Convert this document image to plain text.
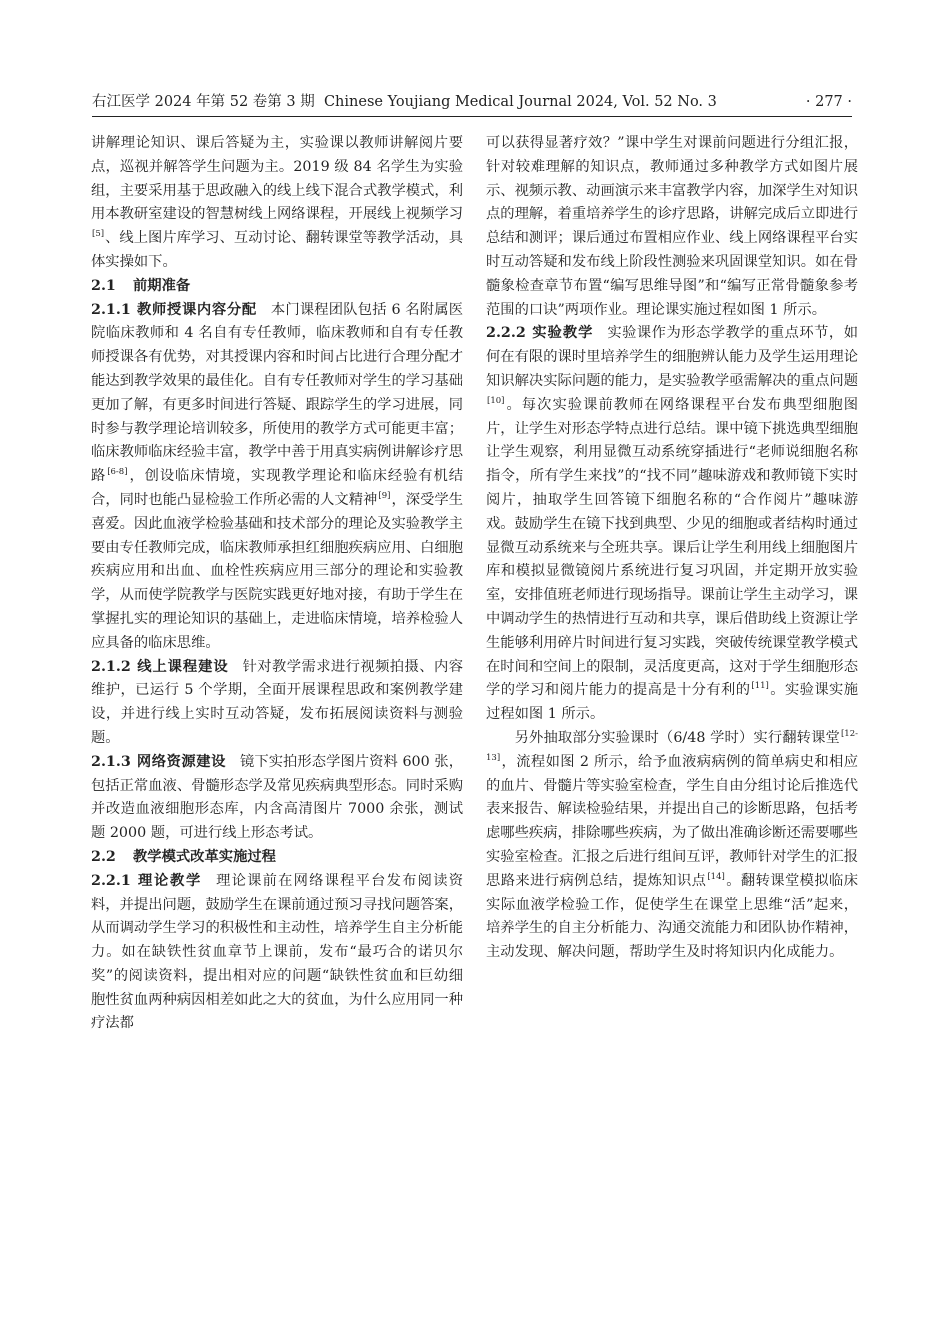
右江医学 2024 年第 52 卷第 3 期 Chinese Youjiang Medical Journal 2024, Vol. 52 No. 3	· 277 ·

讲解理论知识、课后答疑为主，实验课以教师讲解阅片要点，巡视并解答学生问题为主。2019 级 84 名学生为实验组，主要采用基于思政融入的线上线下混合式教学模式，利用本教研室建设的智慧树线上网络课程，开展线上视频学习[5]、线上图片库学习、互动讨论、翻转课堂等教学活动，具体实操如下。

2.1 前期准备

2.1.1 教师授课内容分配 本门课程团队包括 6 名附属医院临床教师和 4 名自有专任教师，临床教师和自有专任教师授课各有优势，对其授课内容和时间占比进行合理分配才能达到教学效果的最佳化。自有专任教师对学生的学习基础更加了解，有更多时间进行答疑、跟踪学生的学习进展，同时参与教学理论培训较多，所使用的教学方式可能更丰富；临床教师临床经验丰富，教学中善于用真实病例讲解诊疗思路[6-8]，创设临床情境，实现教学理论和临床经验有机结合，同时也能凸显检验工作所必需的人文精神[9]，深受学生喜爱。因此血液学检验基础和技术部分的理论及实验教学主要由专任教师完成，临床教师承担红细胞疾病应用、白细胞疾病应用和出血、血栓性疾病应用三部分的理论和实验教学，从而使学院教学与医院实践更好地对接，有助于学生在掌握扎实的理论知识的基础上，走进临床情境，培养检验人应具备的临床思维。

2.1.2 线上课程建设 针对教学需求进行视频拍摄、内容维护，已运行 5 个学期，全面开展课程思政和案例教学建设，并进行线上实时互动答疑，发布拓展阅读资料与测验题。

2.1.3 网络资源建设 镜下实拍形态学图片资料 600 张，包括正常血液、骨髓形态学及常见疾病典型形态。同时采购并改造血液细胞形态库，内含高清图片 7000 余张，测试题 2000 题，可进行线上形态考试。

2.2 教学模式改革实施过程

2.2.1 理论教学 理论课前在网络课程平台发布阅读资料，并提出问题，鼓励学生在课前通过预习寻找问题答案，从而调动学生学习的积极性和主动性，培养学生自主分析能力。如在缺铁性贫血章节上课前，发布“最巧合的诺贝尔奖”的阅读资料，提出相对应的问题“缺铁性贫血和巨幼细胞性贫血两种病因相差如此之大的贫血，为什么应用同一种疗法都

可以获得显著疗效？”课中学生对课前问题进行分组汇报，针对较难理解的知识点，教师通过多种教学方式如图片展示、视频示教、动画演示来丰富教学内容，加深学生对知识点的理解，着重培养学生的诊疗思路，讲解完成后立即进行总结和测评；课后通过布置相应作业、线上网络课程平台实时互动答疑和发布线上阶段性测验来巩固课堂知识。如在骨髓象检查章节布置“编写思维导图”和“编写正常骨髓象参考范围的口诀”两项作业。理论课实施过程如图 1 所示。

2.2.2 实验教学 实验课作为形态学教学的重点环节，如何在有限的课时里培养学生的细胞辨认能力及学生运用理论知识解决实际问题的能力，是实验教学亟需解决的重点问题[10]。每次实验课前教师在网络课程平台发布典型细胞图片，让学生对形态学特点进行总结。课中镜下挑选典型细胞让学生观察，利用显微互动系统穿插进行“老师说细胞名称指令，所有学生来找”的“找不同”趣味游戏和教师镜下实时阅片，抽取学生回答镜下细胞名称的“合作阅片”趣味游戏。鼓励学生在镜下找到典型、少见的细胞或者结构时通过显微互动系统来与全班共享。课后让学生利用线上细胞图片库和模拟显微镜阅片系统进行复习巩固，并定期开放实验室，安排值班老师进行现场指导。课前让学生主动学习，课中调动学生的热情进行互动和共享，课后借助线上资源让学生能够利用碎片时间进行复习实践，突破传统课堂教学模式在时间和空间上的限制，灵活度更高，这对于学生细胞形态学的学习和阅片能力的提高是十分有利的[11]。实验课实施过程如图 1 所示。

另外抽取部分实验课时（6/48 学时）实行翻转课堂[12-13]，流程如图 2 所示，给予血液病病例的简单病史和相应的血片、骨髓片等实验室检查，学生自由分组讨论后推选代表来报告、解读检验结果，并提出自己的诊断思路，包括考虑哪些疾病，排除哪些疾病，为了做出准确诊断还需要哪些实验室检查。汇报之后进行组间互评，教师针对学生的汇报思路来进行病例总结，提炼知识点[14]。翻转课堂模拟临床实际血液学检验工作，促使学生在课堂上思维“活”起来，培养学生的自主分析能力、沟通交流能力和团队协作精神，主动发现、解决问题，帮助学生及时将知识内化成能力。
